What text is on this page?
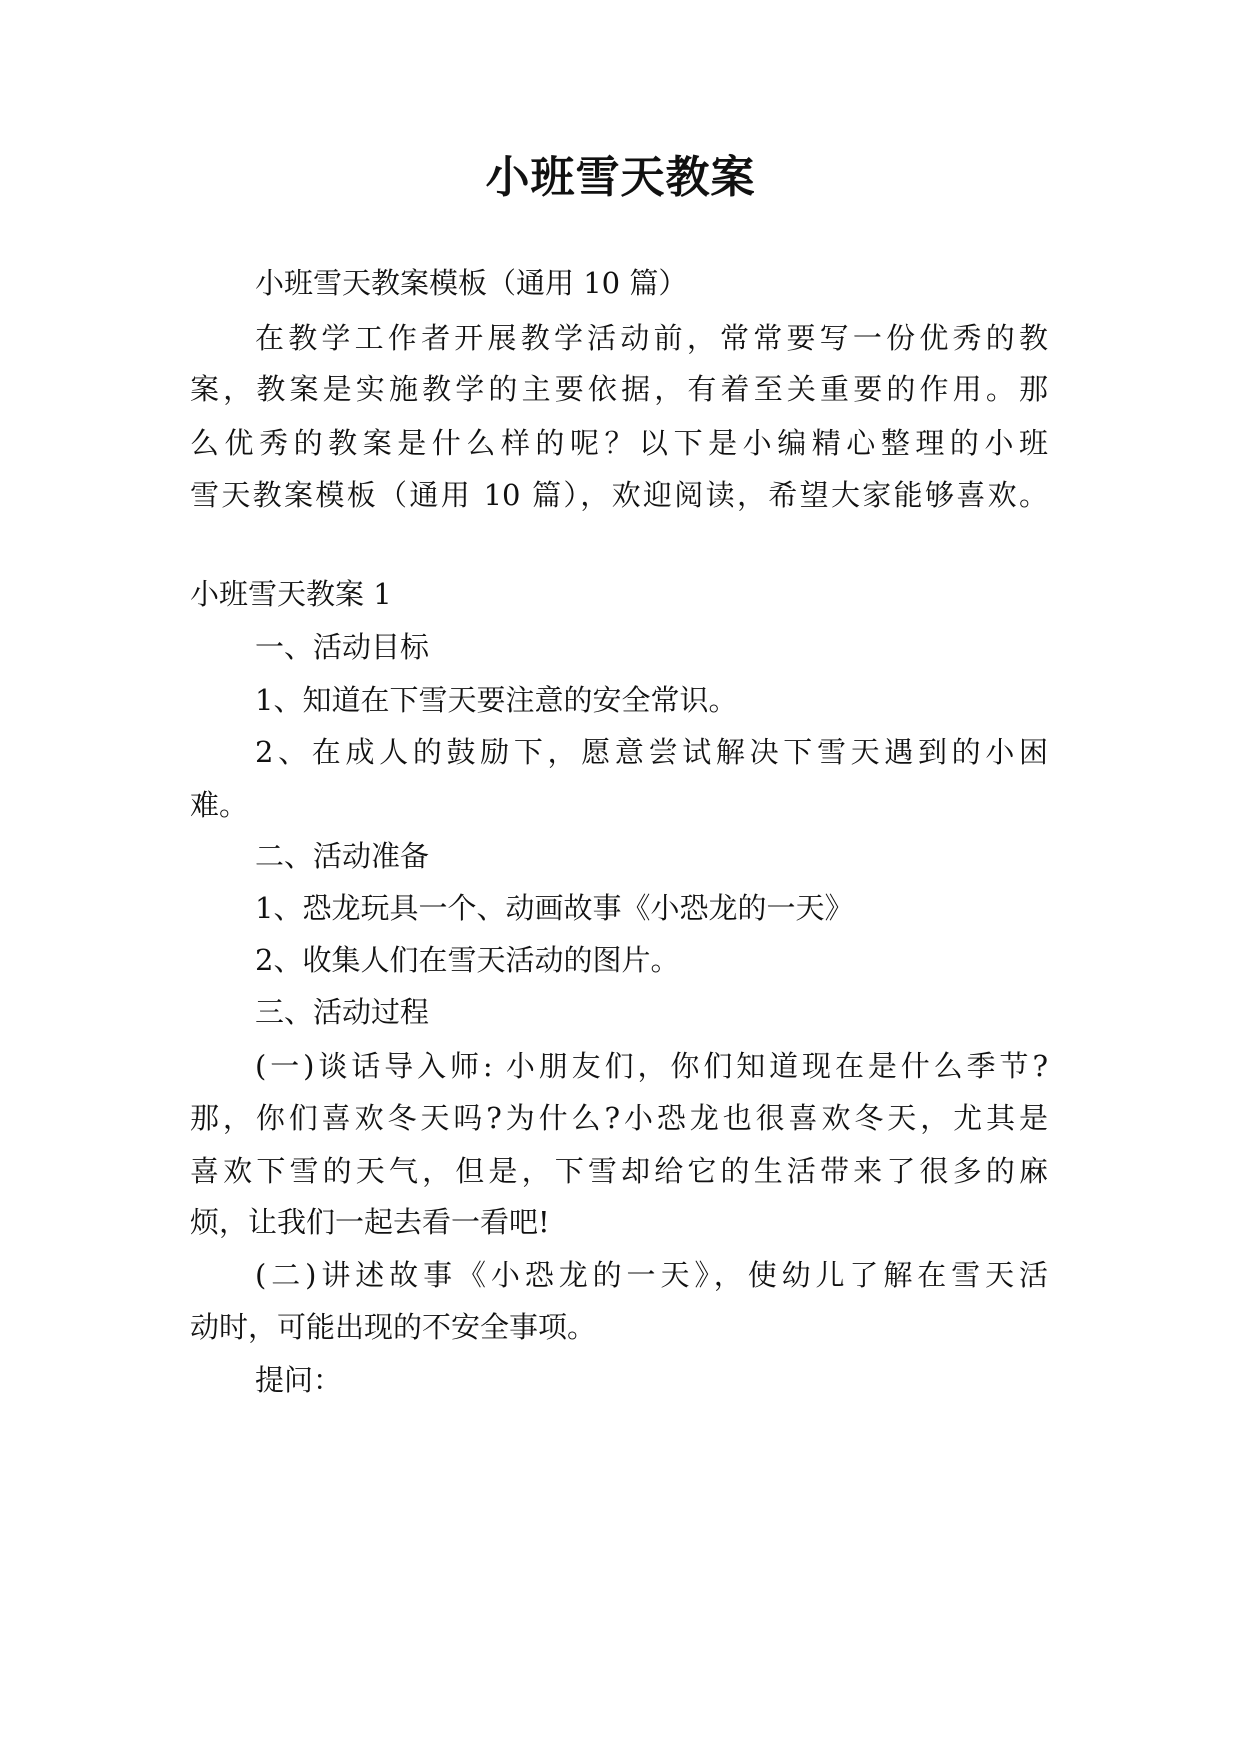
小班雪天教案
小班雪天教案模板（通用 10 篇）
在教学工作者开展教学活动前，常常要写一份优秀的教
案，教案是实施教学的主要依据，有着至关重要的作用。那
么优秀的教案是什么样的呢？以下是小编精心整理的小班
雪天教案模板（通用 10 篇），欢迎阅读，希望大家能够喜欢。
小班雪天教案 1
一、活动目标
1、知道在下雪天要注意的安全常识。
2、在成人的鼓励下，愿意尝试解决下雪天遇到的小困
难。
二、活动准备
1、恐龙玩具一个、动画故事《小恐龙的一天》
2、收集人们在雪天活动的图片。
三、活动过程
(一)谈话导入师: 小朋友们，你们知道现在是什么季节?
那，你们喜欢冬天吗?为什么?小恐龙也很喜欢冬天，尤其是
喜欢下雪的天气，但是，下雪却给它的生活带来了很多的麻
烦，让我们一起去看一看吧!
(二)讲述故事《小恐龙的一天》，使幼儿了解在雪天活
动时，可能出现的不安全事项。
提问：
